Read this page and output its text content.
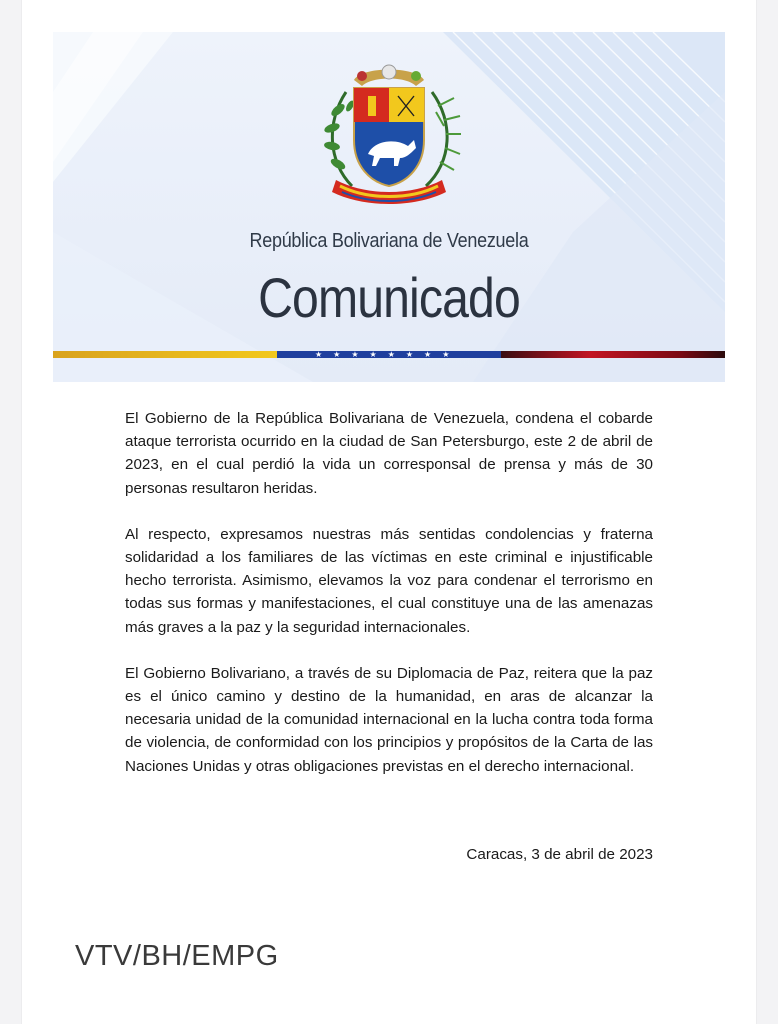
República Bolivariana de Venezuela
Comunicado
★★★★★★★★

El Gobierno de la República Bolivariana de Venezuela, condena el cobarde ataque terrorista ocurrido en la ciudad de San Petersburgo, este 2 de abril de 2023, en el cual perdió la vida un corresponsal de prensa y más de 30 personas resultaron heridas.

Al respecto, expresamos nuestras más sentidas condolencias y fraterna solidaridad a los familiares de las víctimas en este criminal e injustificable hecho terrorista. Asimismo, elevamos la voz para condenar el terrorismo en todas sus formas y manifestaciones, el cual constituye una de las amenazas más graves a la paz y la seguridad internacionales.

El Gobierno Bolivariano, a través de su Diplomacia de Paz, reitera que la paz es el único camino y destino de la humanidad, en aras de alcanzar la necesaria unidad de la comunidad internacional en la lucha contra toda forma de violencia, de conformidad con los principios y propósitos de la Carta de las Naciones Unidas y otras obligaciones previstas en el derecho internacional.

Caracas, 3 de abril de 2023
VTV/BH/EMPG
